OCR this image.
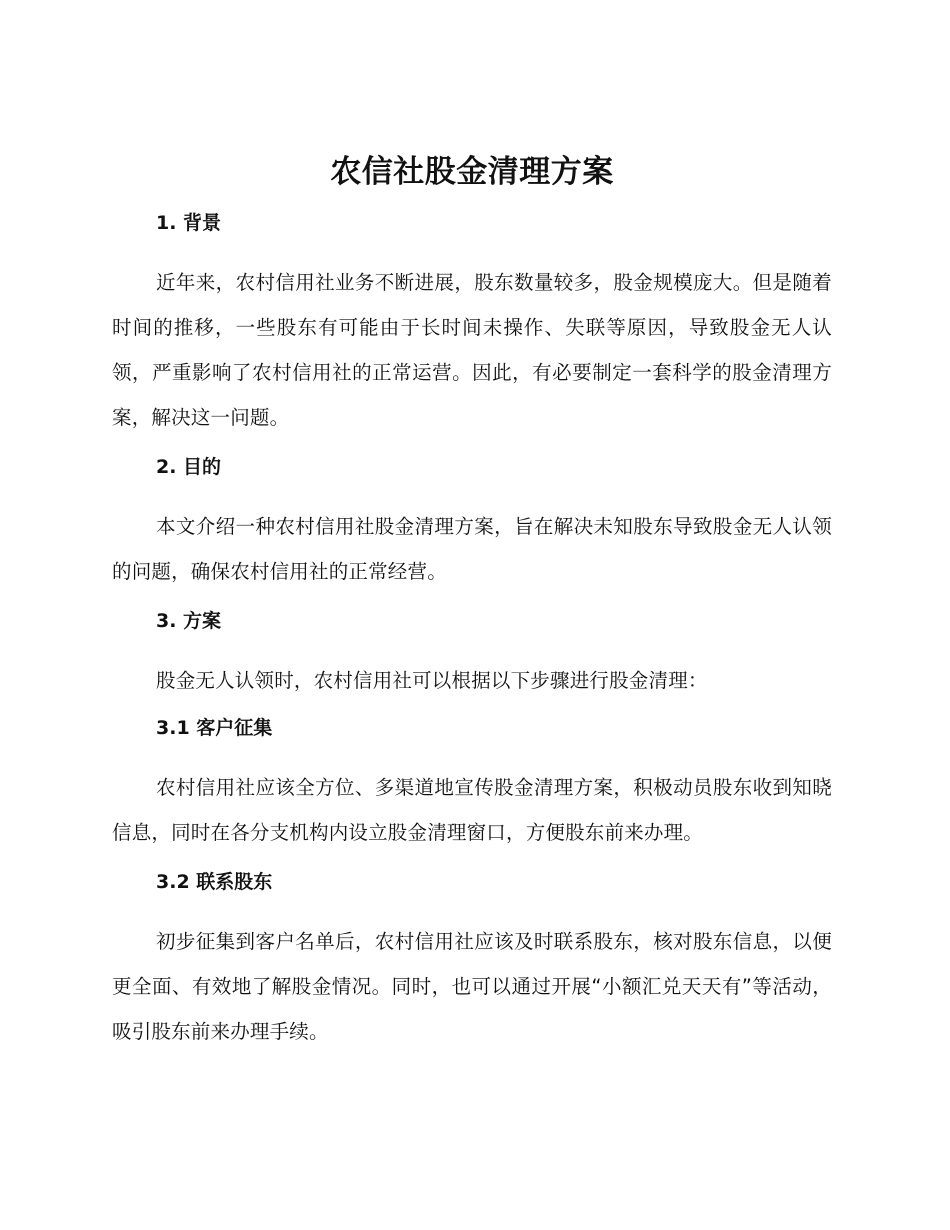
农信社股金清理方案
1. 背景

近年来，农村信用社业务不断进展，股东数量较多，股金规模庞大。但是随着时间的推移，一些股东有可能由于长时间未操作、失联等原因，导致股金无人认领，严重影响了农村信用社的正常运营。因此，有必要制定一套科学的股金清理方案，解决这一问题。

2. 目的

本文介绍一种农村信用社股金清理方案，旨在解决未知股东导致股金无人认领的问题，确保农村信用社的正常经营。

3. 方案

股金无人认领时，农村信用社可以根据以下步骤进行股金清理：

3.1 客户征集

农村信用社应该全方位、多渠道地宣传股金清理方案，积极动员股东收到知晓信息，同时在各分支机构内设立股金清理窗口，方便股东前来办理。

3.2 联系股东

初步征集到客户名单后，农村信用社应该及时联系股东，核对股东信息，以便更全面、有效地了解股金情况。同时，也可以通过开展“小额汇兑天天有”等活动，吸引股东前来办理手续。
